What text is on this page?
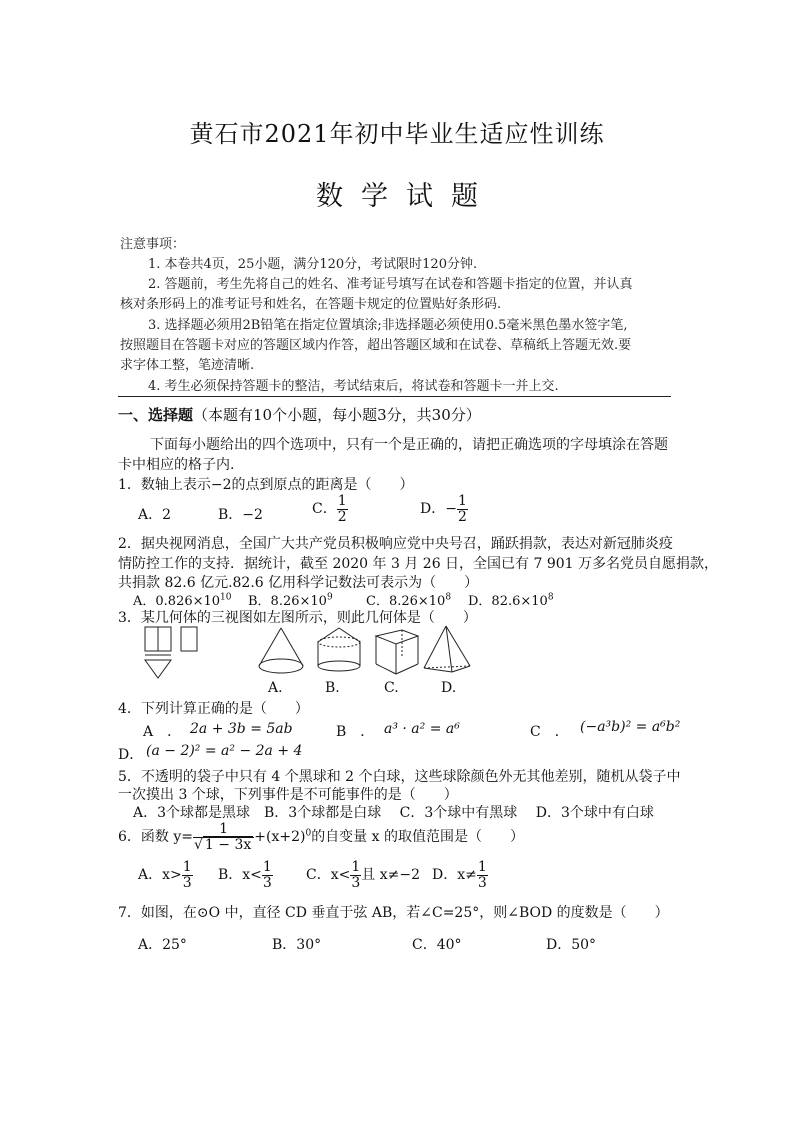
黄石市2021年初中毕业生适应性训练
数学试题
注意事项：
1. 本卷共4页，25小题，满分120分，考试限时120分钟.
2. 答题前，考生先将自己的姓名、准考证号填写在试卷和答题卡指定的位置，并认真
核对条形码上的准考证号和姓名，在答题卡规定的位置贴好条形码.
3. 选择题必须用2B铅笔在指定位置填涂;非选择题必须使用0.5毫米黑色墨水签字笔,
按照题目在答题卡对应的答题区域内作答，超出答题区域和在试卷、草稿纸上答题无效.要
求字体工整，笔迹清晰.
4. 考生必须保持答题卡的整洁，考试结束后，将试卷和答题卡一并上交.
一、选择题（本题有10个小题，每小题3分，共30分）
下面每小题给出的四个选项中，只有一个是正确的，请把正确选项的字母填涂在答题
卡中相应的格子内.
1．数轴上表示−2的点到原点的距离是（　　）
A．2	B．−2	C． $\frac{1}{2}$	D．− $\frac{1}{2}$
2．据央视网消息，全国广大共产党员积极响应党中央号召，踊跃捐款，表达对新冠肺炎疫
情防控工作的支持．据统计，截至 2020 年 3 月 26 日，全国已有 7 901 万多名党员自愿捐款，
共捐款 82.6 亿元.82.6 亿用科学记数法可表示为（　　）
A．$0.826\times 10^{10}$ B．$8.26\times 10^9$	C．$8.26\times 10^8$ D．$82.6\times 10^8$
3．某几何体的三视图如左图所示，则此几何体是（　　）
A.	B.	C.	D.
4．下列计算正确的是（　　）
A　． 2a + 3b = 5ab	B　． a³ · a² = a⁶	C　． (−a³b)² = a⁶b²
D． (a − 2)² = a² − 2a + 4
5．不透明的袋子中只有 4 个黑球和 2 个白球，这些球除颜色外无其他差别，随机从袋子中
一次摸出 3 个球，下列事件是不可能事件的是（　　）
A．3个球都是黑球　B．3个球都是白球　 C．3个球中有黑球　 D．3个球中有白球
6．函数 $y= \frac{1}{√ 1 - 3x} +(x+2)^0$的自变量 x 的取值范围是（　　）
A．$x> \frac{1}{3}$ B．$x< \frac{1}{3}$ C．$x< \frac{1}{3}$ 且 x≠−2 D．$x\ne \frac{1}{3}$
7．如图，在⊙O 中，直径 CD 垂直于弦 AB，若∠C=25°，则∠BOD 的度数是（　　）
A．25°	B．30°	C．40°	D．50°
